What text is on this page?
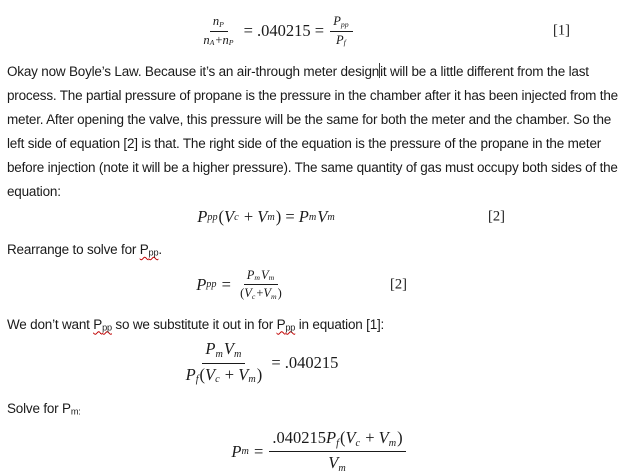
$\frac{nP}{nA+nP} = .040215 = \frac{\text{Ppp}}{Pf}$	[1]

Okay now Boyle’s Law. Because it’s an air-through meter designit will be a little different from the last process. The partial pressure of propane is the pressure in the chamber after it has been injected from the meter. After opening the valve, this pressure will be the same for both the meter and the chamber. So the left side of equation [2] is that. The right side of the equation is the pressure of the propane in the meter before injection (note it will be a higher pressure). The same quantity of gas must occupy both sides of the equation:

P pp ( V c + V m ) = P m V m	[2]

Rearrange to solve for Ppp.

P pp = $\frac{\text{PmVm}}{(Vc+Vm)}$	[2]

We don’t want Ppp so we substitute it out in for Ppp in equation [1]:

$\frac{\text{PmVm}}{Pf(Vc + Vm)} = .040215$

Solve for Pm:

P $m = \frac{.040215Pf(Vc + Vm)}{Vm}$
